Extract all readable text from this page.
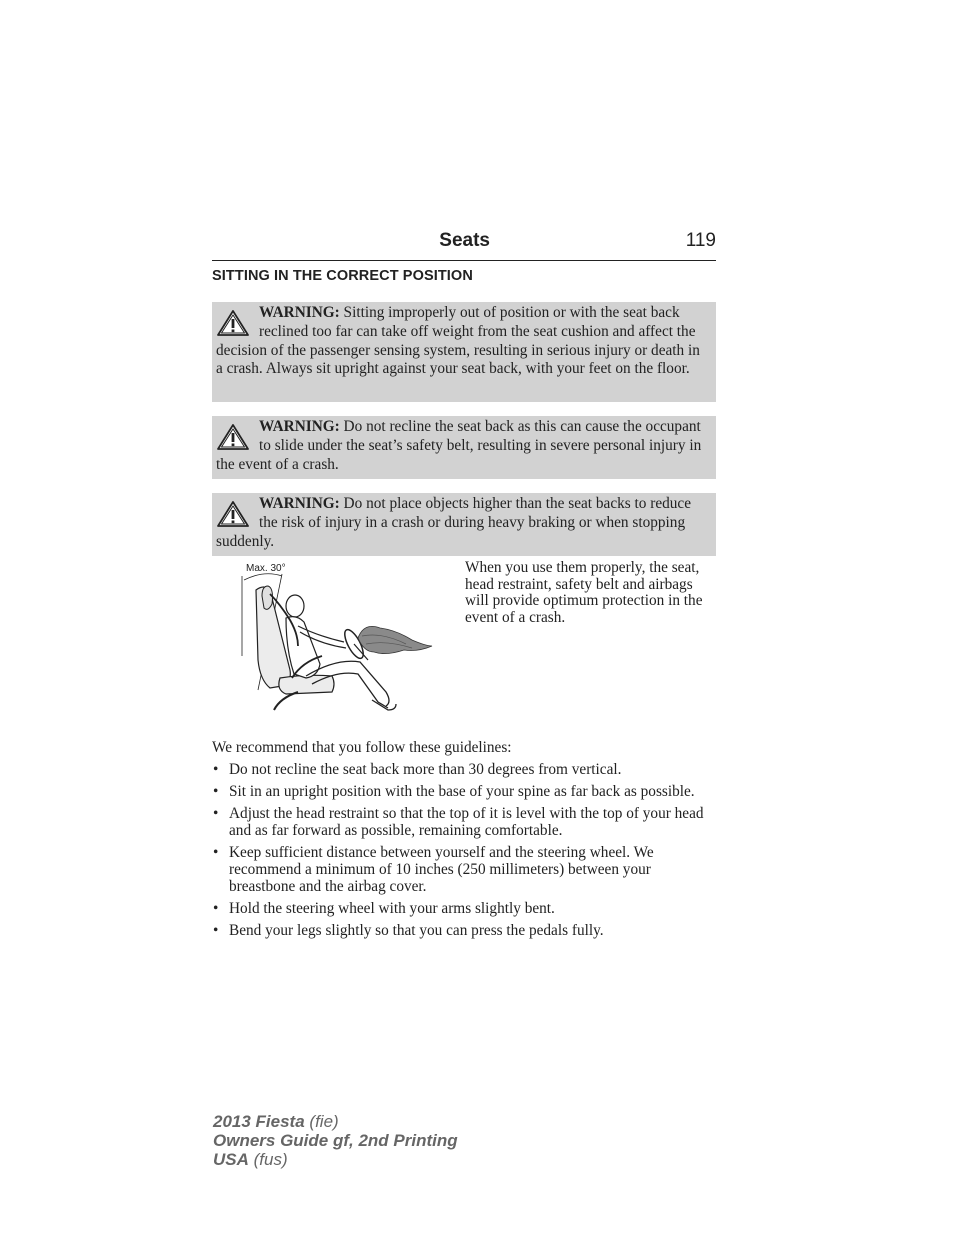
Seats	119
SITTING IN THE CORRECT POSITION
WARNING: Sitting improperly out of position or with the seat back reclined too far can take off weight from the seat cushion and affect the decision of the passenger sensing system, resulting in serious injury or death in a crash. Always sit upright against your seat back, with your feet on the floor.
WARNING: Do not recline the seat back as this can cause the occupant to slide under the seat’s safety belt, resulting in severe personal injury in the event of a crash.
WARNING: Do not place objects higher than the seat backs to reduce the risk of injury in a crash or during heavy braking or when stopping suddenly.
Max. 30°	When you use them properly, the seat, head restraint, safety belt and airbags will provide optimum protection in the event of a crash.
We recommend that you follow these guidelines:
• Do not recline the seat back more than 30 degrees from vertical.
• Sit in an upright position with the base of your spine as far back as possible.
• Adjust the head restraint so that the top of it is level with the top of your head and as far forward as possible, remaining comfortable.
• Keep sufficient distance between yourself and the steering wheel. We recommend a minimum of 10 inches (250 millimeters) between your breastbone and the airbag cover.
• Hold the steering wheel with your arms slightly bent.
• Bend your legs slightly so that you can press the pedals fully.
2013 Fiesta (fie)
Owners Guide gf, 2nd Printing
USA (fus)
